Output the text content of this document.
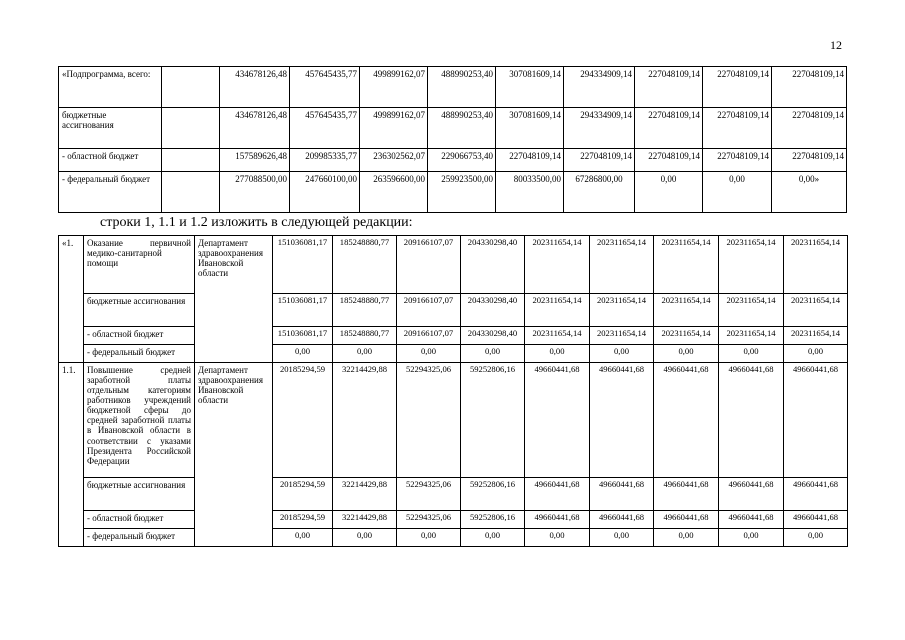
12
«Подпрограмма, всего:		434678126,48	457645435,77	499899162,07	488990253,40	307081609,14	294334909,14	227048109,14	227048109,14	227048109,14
бюджетные ассигнования		434678126,48	457645435,77	499899162,07	488990253,40	307081609,14	294334909,14	227048109,14	227048109,14	227048109,14
- областной бюджет		157589626,48	209985335,77	236302562,07	229066753,40	227048109,14	227048109,14	227048109,14	227048109,14	227048109,14
- федеральный бюджет		277088500,00	247660100,00	263596600,00	259923500,00	80033500,00	67286800,00	0,00	0,00	0,00»
строки 1, 1.1 и 1.2 изложить в следующей редакции:
«1.	Оказание первичной медико-санитарной помощи	Департамент здравоохранения Ивановской области	151036081,17	185248880,77	209166107,07	204330298,40	202311654,14	202311654,14	202311654,14	202311654,14	202311654,14
	бюджетные ассигнования		151036081,17	185248880,77	209166107,07	204330298,40	202311654,14	202311654,14	202311654,14	202311654,14	202311654,14
	- областной бюджет		151036081,17	185248880,77	209166107,07	204330298,40	202311654,14	202311654,14	202311654,14	202311654,14	202311654,14
	- федеральный бюджет		0,00	0,00	0,00	0,00	0,00	0,00	0,00	0,00	0,00
1.1.	Повышение средней заработной платы отдельным категориям работников учреждений бюджетной сферы до средней заработной платы в Ивановской области в соответствии с указами Президента Российской Федерации	Департамент здравоохранения Ивановской области	20185294,59	32214429,88	52294325,06	59252806,16	49660441,68	49660441,68	49660441,68	49660441,68	49660441,68
	бюджетные ассигнования		20185294,59	32214429,88	52294325,06	59252806,16	49660441,68	49660441,68	49660441,68	49660441,68	49660441,68
	- областной бюджет		20185294,59	32214429,88	52294325,06	59252806,16	49660441,68	49660441,68	49660441,68	49660441,68	49660441,68
	- федеральный бюджет		0,00	0,00	0,00	0,00	0,00	0,00	0,00	0,00	0,00
